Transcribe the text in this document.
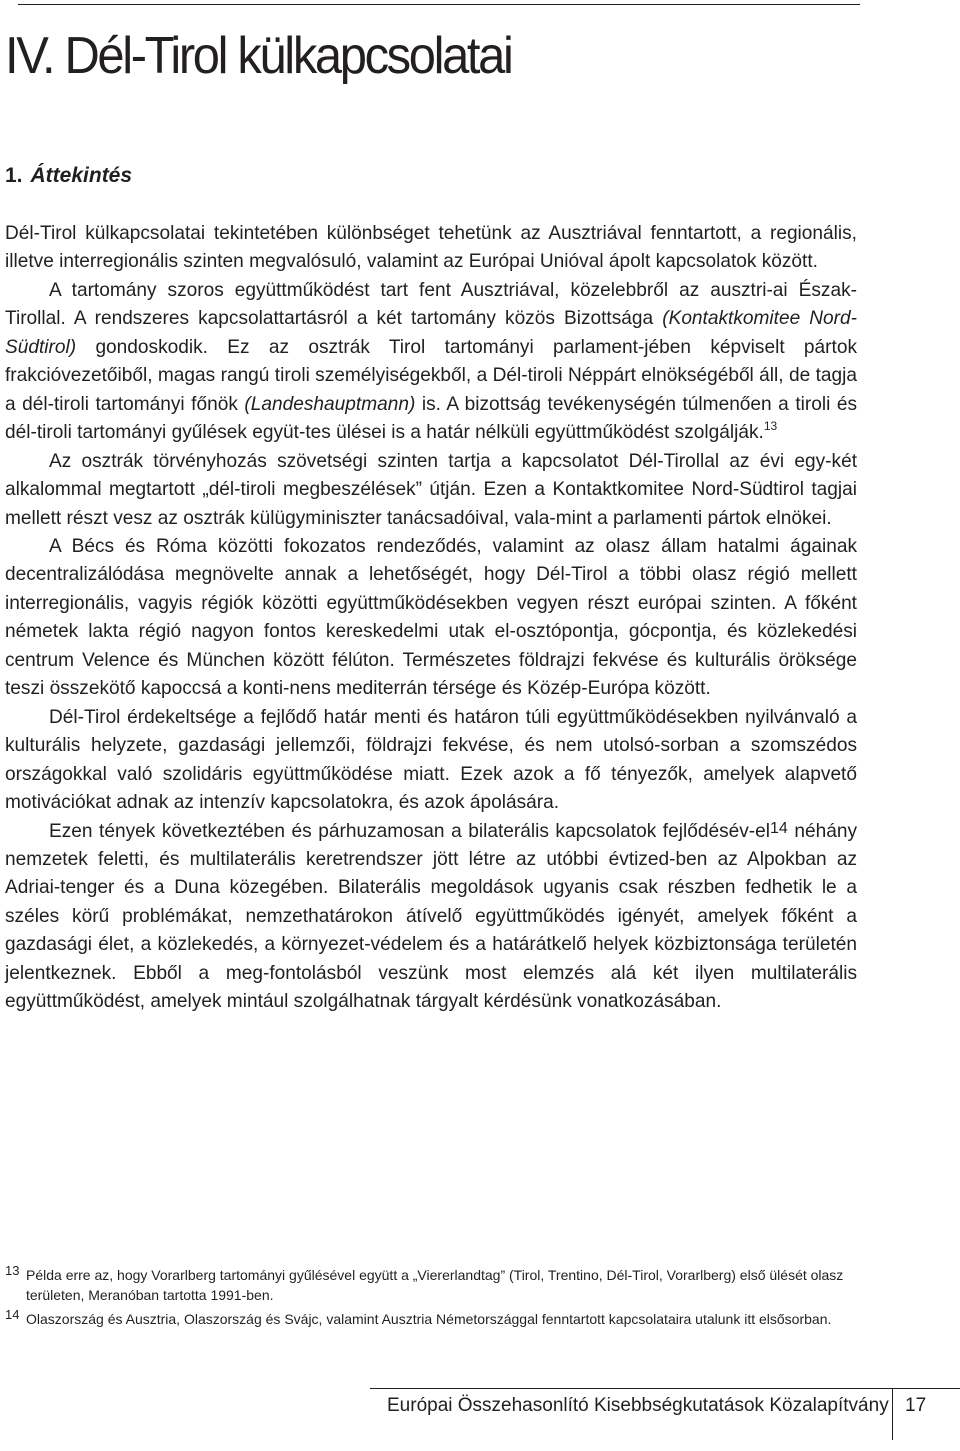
IV. Dél-Tirol külkapcsolatai
1. Áttekintés

Dél-Tirol külkapcsolatai tekintetében különbséget tehetünk az Ausztriával fenntartott, a regionális, illetve interregionális szinten megvalósuló, valamint az Európai Unióval ápolt kapcsolatok között.

A tartomány szoros együttműködést tart fent Ausztriával, közelebbről az ausztri-ai Észak-Tirollal. A rendszeres kapcsolattartásról a két tartomány közös Bizottsága (Kontaktkomitee Nord-Südtirol) gondoskodik. Ez az osztrák Tirol tartományi parlament-jében képviselt pártok frakcióvezetőiből, magas rangú tiroli személyiségekből, a Dél-tiroli Néppárt elnökségéből áll, de tagja a dél-tiroli tartományi főnök (Landeshauptmann) is. A bizottság tevékenységén túlmenően a tiroli és dél-tiroli tartományi gyűlések együt-tes ülései is a határ nélküli együttműködést szolgálják.$^{13}$

Az osztrák törvényhozás szövetségi szinten tartja a kapcsolatot Dél-Tirollal az évi egy-két alkalommal megtartott „dél-tiroli megbeszélések” útján. Ezen a Kontaktkomitee Nord-Südtirol tagjai mellett részt vesz az osztrák külügyminiszter tanácsadóival, vala-mint a parlamenti pártok elnökei.

A Bécs és Róma közötti fokozatos rendeződés, valamint az olasz állam hatalmi ágainak decentralizálódása megnövelte annak a lehetőségét, hogy Dél-Tirol a többi olasz régió mellett interregionális, vagyis régiók közötti együttműködésekben vegyen részt európai szinten. A főként németek lakta régió nagyon fontos kereskedelmi utak el-osztópontja, gócpontja, és közlekedési centrum Velence és München között félúton. Természetes földrajzi fekvése és kulturális öröksége teszi összekötő kapoccsá a konti-nens mediterrán térsége és Közép-Európa között.

Dél-Tirol érdekeltsége a fejlődő határ menti és határon túli együttműködésekben nyilvánvaló a kulturális helyzete, gazdasági jellemzői, földrajzi fekvése, és nem utolsó-sorban a szomszédos országokkal való szolidáris együttműködése miatt. Ezek azok a fő tényezők, amelyek alapvető motivációkat adnak az intenzív kapcsolatokra, és azok ápolására.

Ezen tények következtében és párhuzamosan a bilaterális kapcsolatok fejlődésév-$el^{14}$ néhány nemzetek feletti, és multilaterális keretrendszer jött létre az utóbbi évtized-ben az Alpokban az Adriai-tenger és a Duna közegében. Bilaterális megoldások ugyanis csak részben fedhetik le a széles körű problémákat, nemzethatárokon átívelő együttműködés igényét, amelyek főként a gazdasági élet, a közlekedés, a környezet-védelem és a határátkelő helyek közbiztonsága területén jelentkeznek. Ebből a meg-fontolásból veszünk most elemzés alá két ilyen multilaterális együttműködést, amelyek mintául szolgálhatnak tárgyalt kérdésünk vonatkozásában.

13 Példa erre az, hogy Vorarlberg tartományi gyűlésével együtt a „Viererlandtag” (Tirol, Trentino, Dél-Tirol, Vorarlberg) első ülését olasz területen, Meranóban tartotta 1991-ben.
14 Olaszország és Ausztria, Olaszország és Svájc, valamint Ausztria Németországgal fenntartott kapcsolataira utalunk itt elsősorban.
Európai Összehasonlító Kisebbségkutatások Közalapítvány 17
